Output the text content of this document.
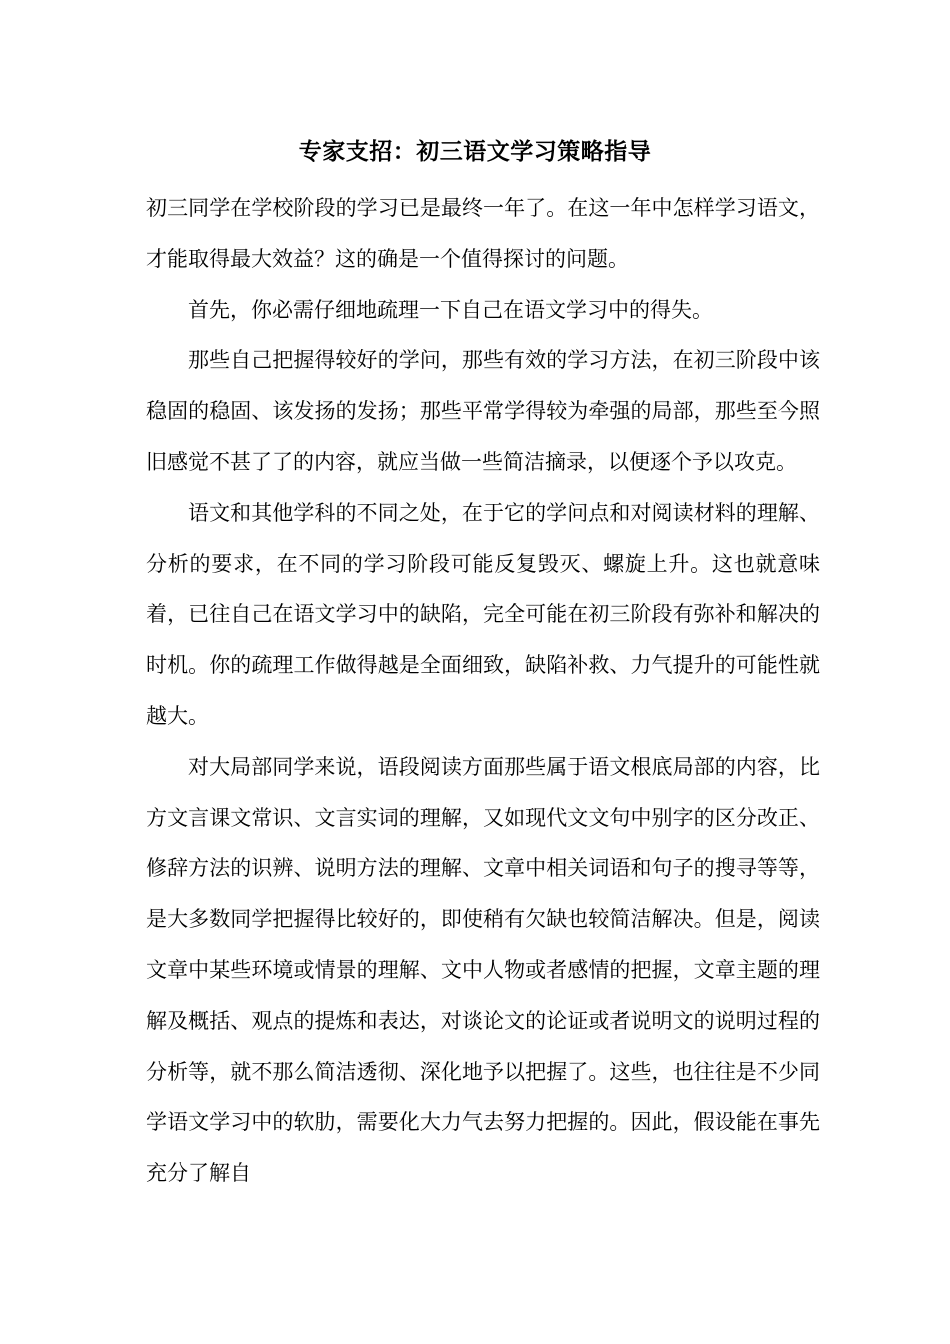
专家支招：初三语文学习策略指导

初三同学在学校阶段的学习已是最终一年了。在这一年中怎样学习语文，才能取得最大效益？这的确是一个值得探讨的问题。

首先，你必需仔细地疏理一下自己在语文学习中的得失。

那些自己把握得较好的学问，那些有效的学习方法，在初三阶段中该稳固的稳固、该发扬的发扬；那些平常学得较为牵强的局部，那些至今照旧感觉不甚了了的内容，就应当做一些简洁摘录，以便逐个予以攻克。

语文和其他学科的不同之处，在于它的学问点和对阅读材料的理解、分析的要求，在不同的学习阶段可能反复毁灭、螺旋上升。这也就意味着，已往自己在语文学习中的缺陷，完全可能在初三阶段有弥补和解决的时机。你的疏理工作做得越是全面细致，缺陷补救、力气提升的可能性就越大。

对大局部同学来说，语段阅读方面那些属于语文根底局部的内容，比方文言课文常识、文言实词的理解，又如现代文文句中别字的区分改正、修辞方法的识辨、说明方法的理解、文章中相关词语和句子的搜寻等等，是大多数同学把握得比较好的，即使稍有欠缺也较简洁解决。但是，阅读文章中某些环境或情景的理解、文中人物或者感情的把握，文章主题的理解及概括、观点的提炼和表达，对谈论文的论证或者说明文的说明过程的分析等，就不那么简洁透彻、深化地予以把握了。这些，也往往是不少同学语文学习中的软肋，需要化大力气去努力把握的。因此，假设能在事先充分了解自
